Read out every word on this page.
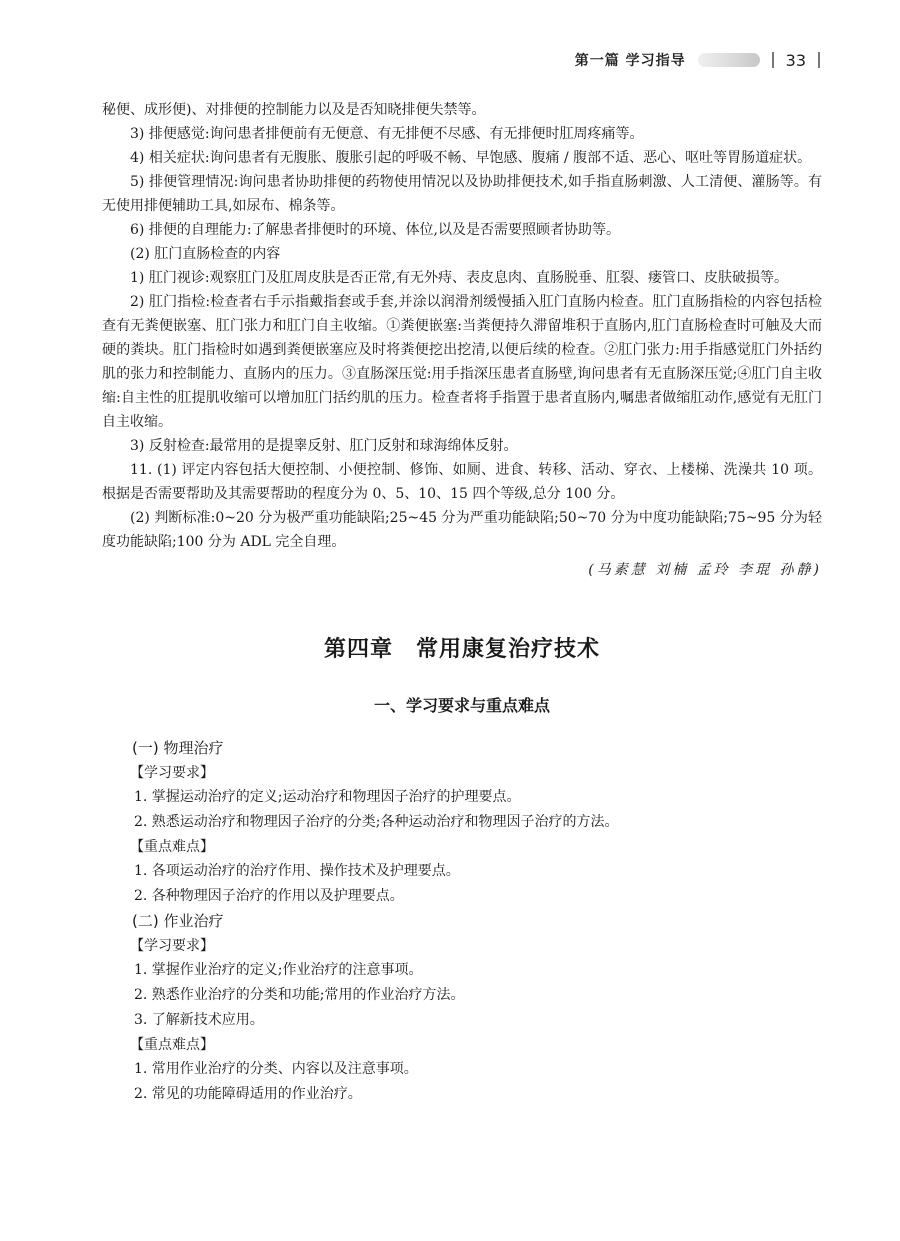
第一篇 学习指导	33

秘便、成形便)、对排便的控制能力以及是否知晓排便失禁等。

3) 排便感觉:询问患者排便前有无便意、有无排便不尽感、有无排便时肛周疼痛等。

4) 相关症状:询问患者有无腹胀、腹胀引起的呼吸不畅、早饱感、腹痛 / 腹部不适、恶心、呕吐等胃肠道症状。

5) 排便管理情况:询问患者协助排便的药物使用情况以及协助排便技术,如手指直肠刺激、人工清便、灌肠等。有无使用排便辅助工具,如尿布、棉条等。

6) 排便的自理能力:了解患者排便时的环境、体位,以及是否需要照顾者协助等。

(2) 肛门直肠检查的内容

1) 肛门视诊:观察肛门及肛周皮肤是否正常,有无外痔、表皮息肉、直肠脱垂、肛裂、瘘管口、皮肤破损等。

2) 肛门指检:检查者右手示指戴指套或手套,并涂以润滑剂缓慢插入肛门直肠内检查。肛门直肠指检的内容包括检查有无粪便嵌塞、肛门张力和肛门自主收缩。①粪便嵌塞:当粪便持久滞留堆积于直肠内,肛门直肠检查时可触及大而硬的粪块。肛门指检时如遇到粪便嵌塞应及时将粪便挖出挖清,以便后续的检查。②肛门张力:用手指感觉肛门外括约肌的张力和控制能力、直肠内的压力。③直肠深压觉:用手指深压患者直肠壁,询问患者有无直肠深压觉;④肛门自主收缩:自主性的肛提肌收缩可以增加肛门括约肌的压力。检查者将手指置于患者直肠内,嘱患者做缩肛动作,感觉有无肛门自主收缩。

3) 反射检查:最常用的是提睾反射、肛门反射和球海绵体反射。

11. (1) 评定内容包括大便控制、小便控制、修饰、如厕、进食、转移、活动、穿衣、上楼梯、洗澡共 10 项。根据是否需要帮助及其需要帮助的程度分为 0、5、10、15 四个等级,总分 100 分。

(2) 判断标准:0~20 分为极严重功能缺陷;25~45 分为严重功能缺陷;50~70 分为中度功能缺陷;75~95 分为轻度功能缺陷;100 分为 ADL 完全自理。

(马素慧 刘楠 孟玲 李琨 孙静)
第四章　常用康复治疗技术
一、学习要求与重点难点
(一) 物理治疗
【学习要求】
1. 掌握运动治疗的定义;运动治疗和物理因子治疗的护理要点。
2. 熟悉运动治疗和物理因子治疗的分类;各种运动治疗和物理因子治疗的方法。
【重点难点】
1. 各项运动治疗的治疗作用、操作技术及护理要点。
2. 各种物理因子治疗的作用以及护理要点。
(二) 作业治疗
【学习要求】
1. 掌握作业治疗的定义;作业治疗的注意事项。
2. 熟悉作业治疗的分类和功能;常用的作业治疗方法。
3. 了解新技术应用。
【重点难点】
1. 常用作业治疗的分类、内容以及注意事项。
2. 常见的功能障碍适用的作业治疗。
